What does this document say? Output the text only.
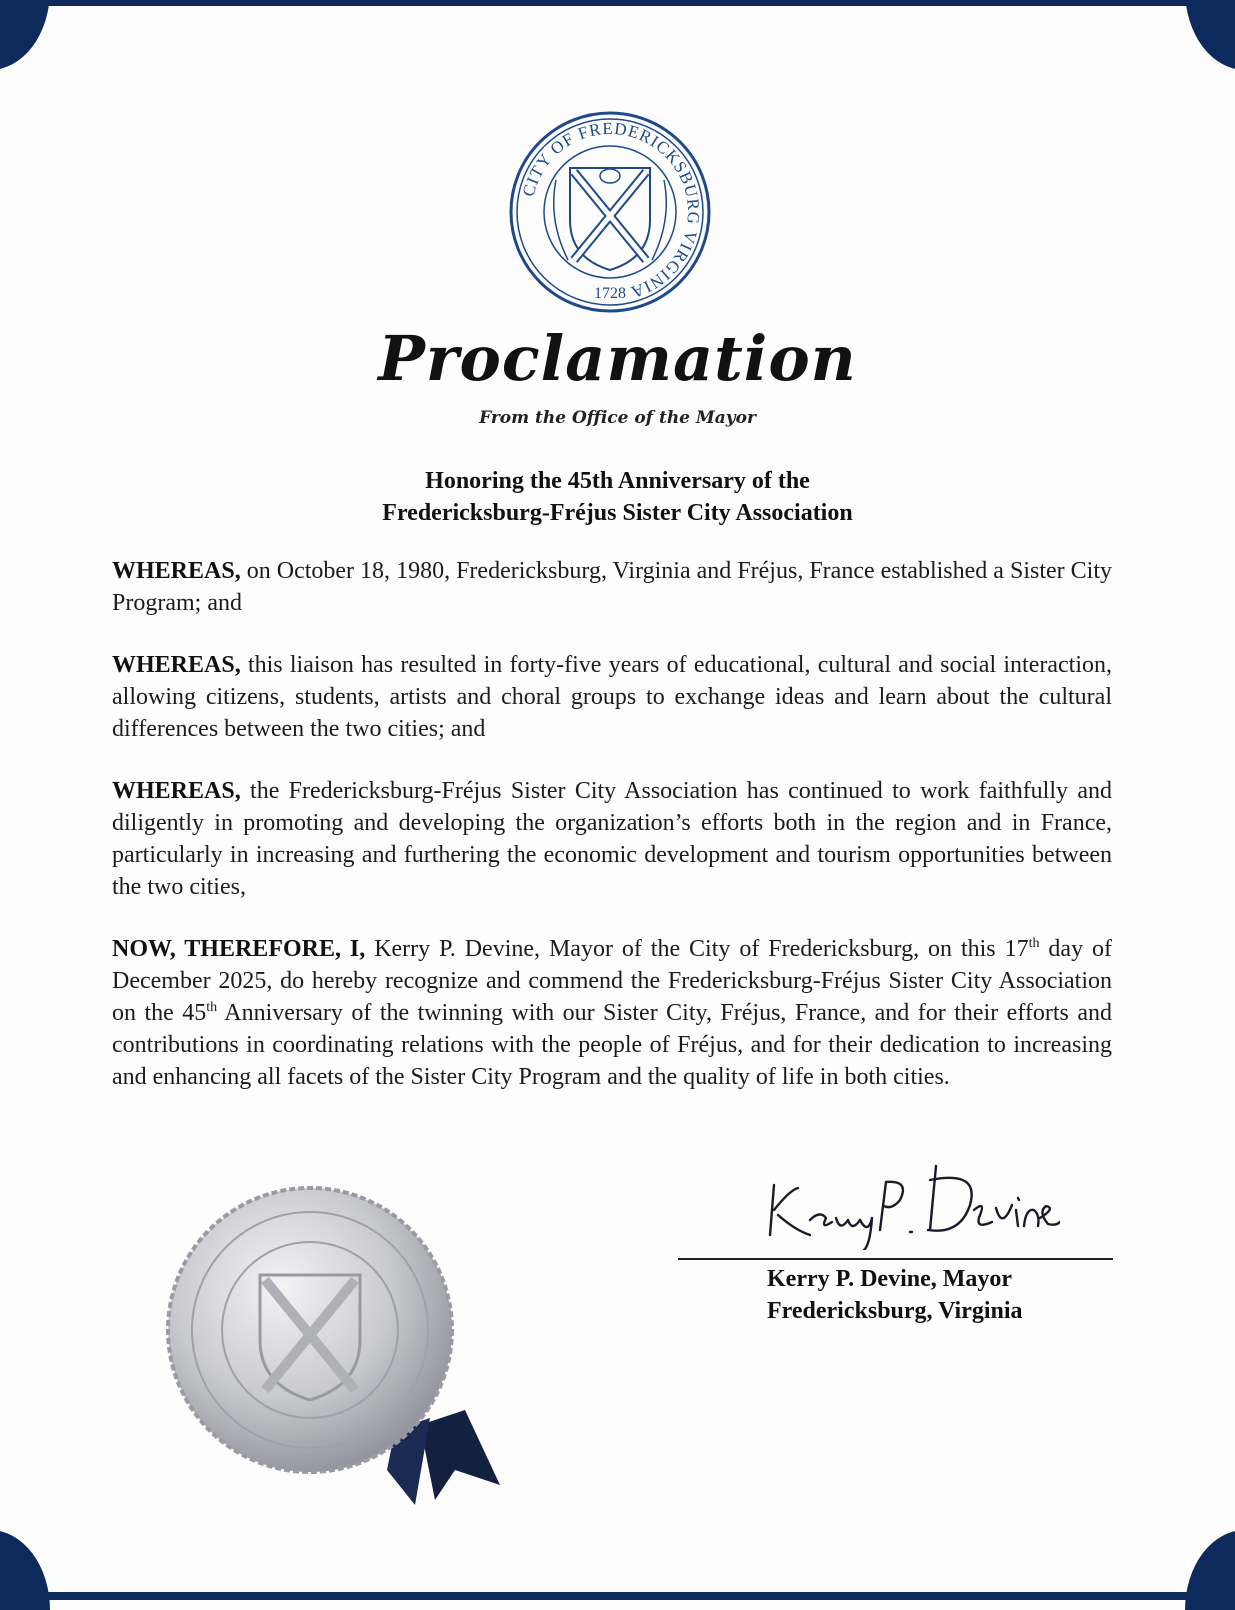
CITY OF FREDERICKSBURG VIRGINIA
1728
Proclamation
From the Office of the Mayor
Honoring the 45th Anniversary of the
Fredericksburg-Fréjus Sister City Association

WHEREAS, on October 18, 1980, Fredericksburg, Virginia and Fréjus, France established a Sister City Program; and

WHEREAS, this liaison has resulted in forty-five years of educational, cultural and social interaction, allowing citizens, students, artists and choral groups to exchange ideas and learn about the cultural differences between the two cities; and

WHEREAS, the Fredericksburg-Fréjus Sister City Association has continued to work faithfully and diligently in promoting and developing the organization’s efforts both in the region and in France, particularly in increasing and furthering the economic development and tourism opportunities between the two cities,

NOW, THEREFORE, I, Kerry P. Devine, Mayor of the City of Fredericksburg, on this 17th day of December 2025, do hereby recognize and commend the Fredericksburg-Fréjus Sister City Association on the 45th Anniversary of the twinning with our Sister City, Fréjus, France, and for their efforts and contributions in coordinating relations with the people of Fréjus, and for their dedication to increasing and enhancing all facets of the Sister City Program and the quality of life in both cities.

Kerry P. Devine, Mayor
Fredericksburg, Virginia
